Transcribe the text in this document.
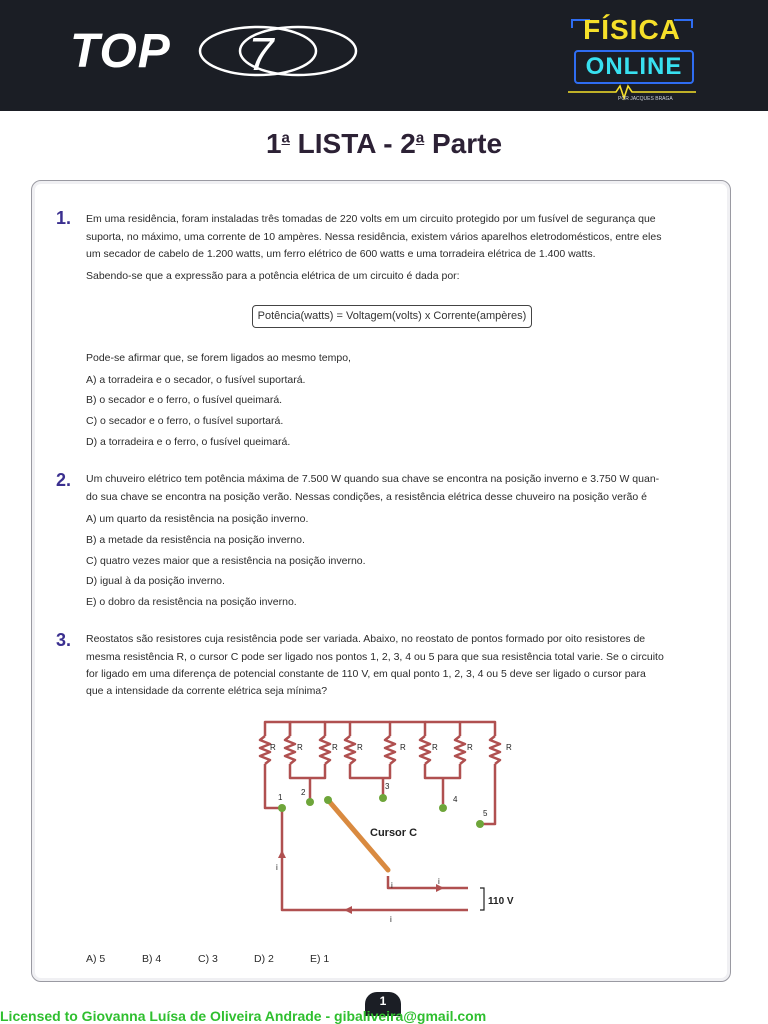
TOP 7	FÍSICA
ONLINE
POR JACQUES BRAGA
1$^a$ LISTA - 2$^a$ Parte
1. Em uma residência, foram instaladas três tomadas de 220 volts em um circuito protegido por um fusível de segurança que
suporta, no máximo, uma corrente de 10 ampères. Nessa residência, existem vários aparelhos eletrodomésticos, entre eles
um secador de cabelo de 1.200 watts, um ferro elétrico de 600 watts e uma torradeira elétrica de 1.400 watts.
Sabendo-se que a expressão para a potência elétrica de um circuito é dada por:
Potência(watts) = Voltagem(volts) x Corrente(ampères)
Pode-se afirmar que, se forem ligados ao mesmo tempo,
A) a torradeira e o secador, o fusível suportará.
B) o secador e o ferro, o fusível queimará.
C) o secador e o ferro, o fusível suportará.
D) a torradeira e o ferro, o fusível queimará.
2. Um chuveiro elétrico tem potência máxima de 7.500 W quando sua chave se encontra na posição inverno e 3.750 W quan-
do sua chave se encontra na posição verão. Nessas condições, a resistência elétrica desse chuveiro na posição verão é
A) um quarto da resistência na posição inverno.
B) a metade da resistência na posição inverno.
C) quatro vezes maior que a resistência na posição inverno.
D) igual à da posição inverno.
E) o dobro da resistência na posição inverno.
3. Reostatos são resistores cuja resistência pode ser variada. Abaixo, no reostato de pontos formado por oito resistores de
mesma resistência R, o cursor C pode ser ligado nos pontos 1, 2, 3, 4 ou 5 para que sua resistência total varie. Se o circuito
for ligado em uma diferença de potencial constante de 110 V, em qual ponto 1, 2, 3, 4 ou 5 deve ser ligado o cursor para
que a intensidade da corrente elétrica seja mínima?
R	R	R R	R	R	R	R
1
2
3
4
5
i
i	i
i
Cursor C
110 V
A) 5	B) 4	C) 3	D) 2	E) 1
1
Licensed to Giovanna Luísa de Oliveira Andrade - gibaliveira@gmail.com
